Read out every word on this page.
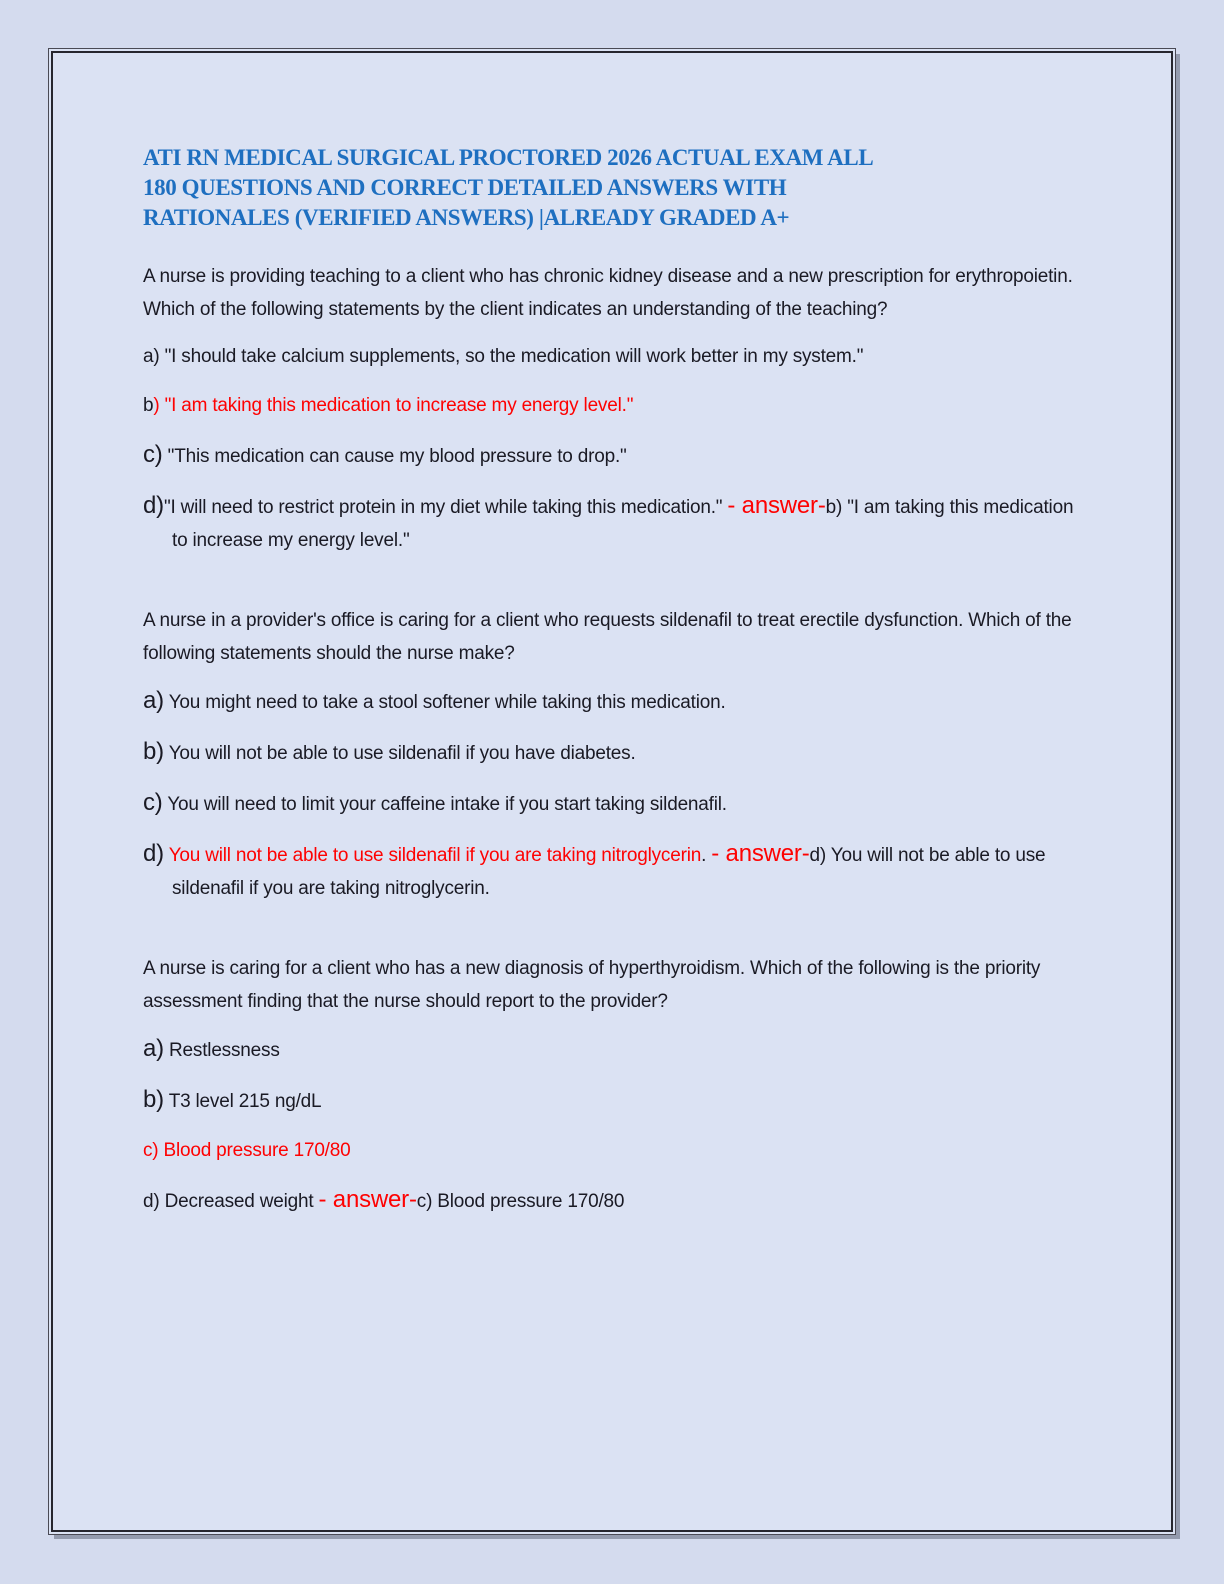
ATI RN MEDICAL SURGICAL PROCTORED 2026 ACTUAL EXAM ALL
180 QUESTIONS AND CORRECT DETAILED ANSWERS WITH
RATIONALES (VERIFIED ANSWERS) |ALREADY GRADED A+

A nurse is providing teaching to a client who has chronic kidney disease and a new prescription for erythropoietin. Which of the following statements by the client indicates an understanding of the teaching?

a) "I should take calcium supplements, so the medication will work better in my system."

b) "I am taking this medication to increase my energy level."

c) "This medication can cause my blood pressure to drop."

d)"I will need to restrict protein in my diet while taking this medication." - answer-b) "I am taking this medication to increase my energy level."

A nurse in a provider's office is caring for a client who requests sildenafil to treat erectile dysfunction. Which of the following statements should the nurse make?

a) You might need to take a stool softener while taking this medication.

b) You will not be able to use sildenafil if you have diabetes.

c) You will need to limit your caffeine intake if you start taking sildenafil.

d) You will not be able to use sildenafil if you are taking nitroglycerin. - answer-d) You will not be able to use sildenafil if you are taking nitroglycerin.

A nurse is caring for a client who has a new diagnosis of hyperthyroidism. Which of the following is the priority assessment finding that the nurse should report to the provider?

a) Restlessness

b) T3 level 215 ng/dL

c) Blood pressure 170/80

d) Decreased weight - answer-c) Blood pressure 170/80
